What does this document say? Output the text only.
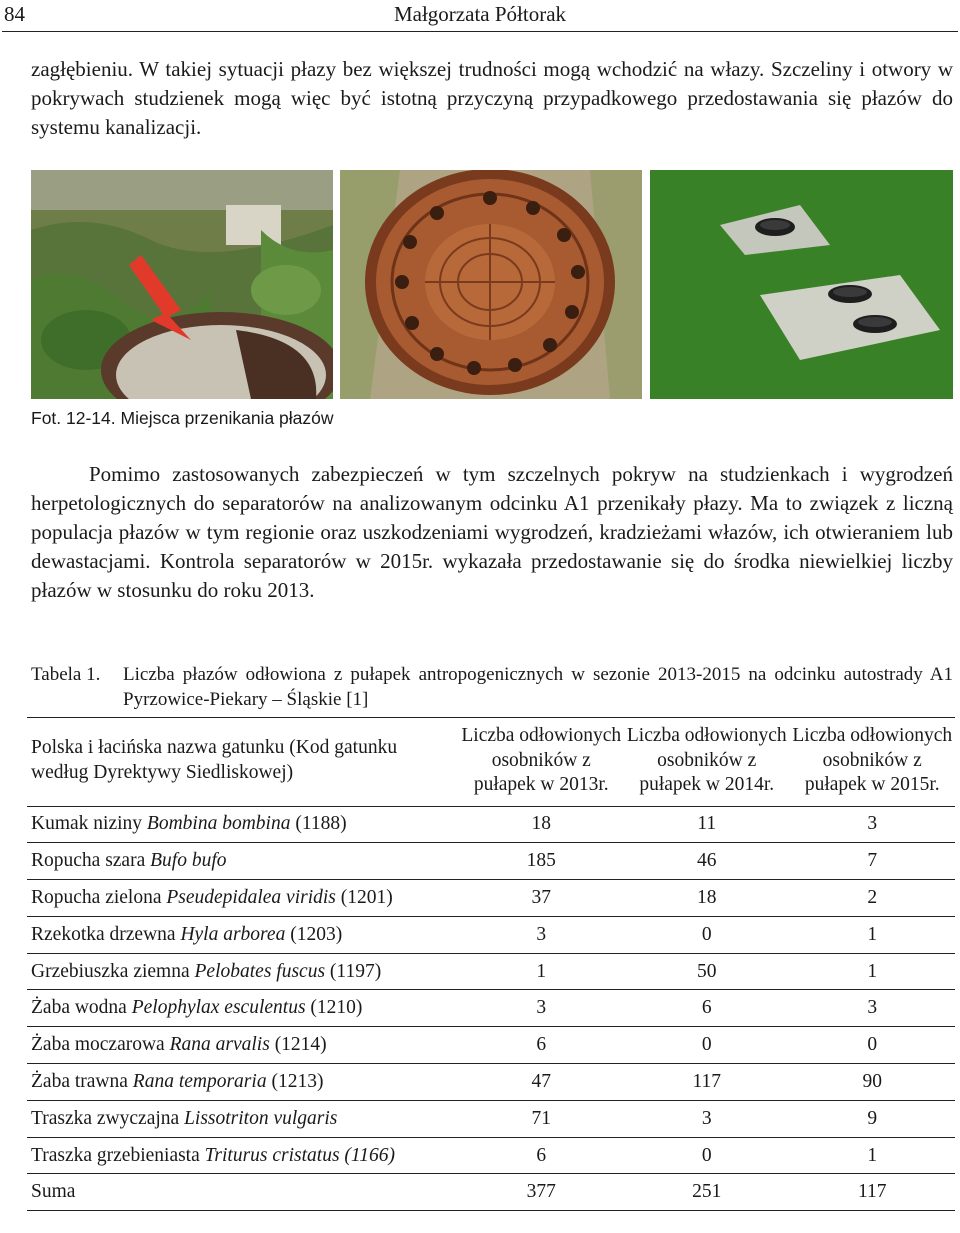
84	Małgorzata Półtorak

zagłębieniu. W takiej sytuacji płazy bez większej trudności mogą wchodzić na włazy. Szczeliny i otwory w pokrywach studzienek mogą więc być istotną przyczyną przypadkowego przedostawania się płazów do systemu kanalizacji.

Fot. 12-14. Miejsca przenikania płazów

Pomimo zastosowanych zabezpieczeń w tym szczelnych pokryw na studzienkach i wygrodzeń herpetologicznych do separatorów na analizowanym odcinku A1 przenikały płazy. Ma to związek z liczną populacja płazów w tym regionie oraz uszkodzeniami wygrodzeń, kradzieżami włazów, ich otwieraniem lub dewastacjami. Kontrola separatorów w 2015r. wykazała przedostawanie się do środka niewielkiej liczby płazów w stosunku do roku 2013.

Tabela 1. Liczba płazów odłowiona z pułapek antropogenicznych w sezonie 2013-2015 na odcinku autostrady A1 Pyrzowice-Piekary – Śląskie [1]
Polska i łacińska nazwa gatunku (Kod gatunku według Dyrektywy Siedliskowej)	Liczba odłowionych osobników z pułapek w 2013r.	Liczba odłowionych osobników z pułapek w 2014r.	Liczba odłowionych osobników z pułapek w 2015r.
Kumak niziny Bombina bombina (1188)	18	11	3
Ropucha szara Bufo bufo	185	46	7
Ropucha zielona Pseudepidalea viridis (1201)	37	18	2
Rzekotka drzewna Hyla arborea (1203)	3	0	1
Grzebiuszka ziemna Pelobates fuscus (1197)	1	50	1
Żaba wodna Pelophylax esculentus (1210)	3	6	3
Żaba moczarowa Rana arvalis (1214)	6	0	0
Żaba trawna Rana temporaria (1213)	47	117	90
Traszka zwyczajna Lissotriton vulgaris	71	3	9
Traszka grzebieniasta Triturus cristatus (1166)	6	0	1
Suma	377	251	117
